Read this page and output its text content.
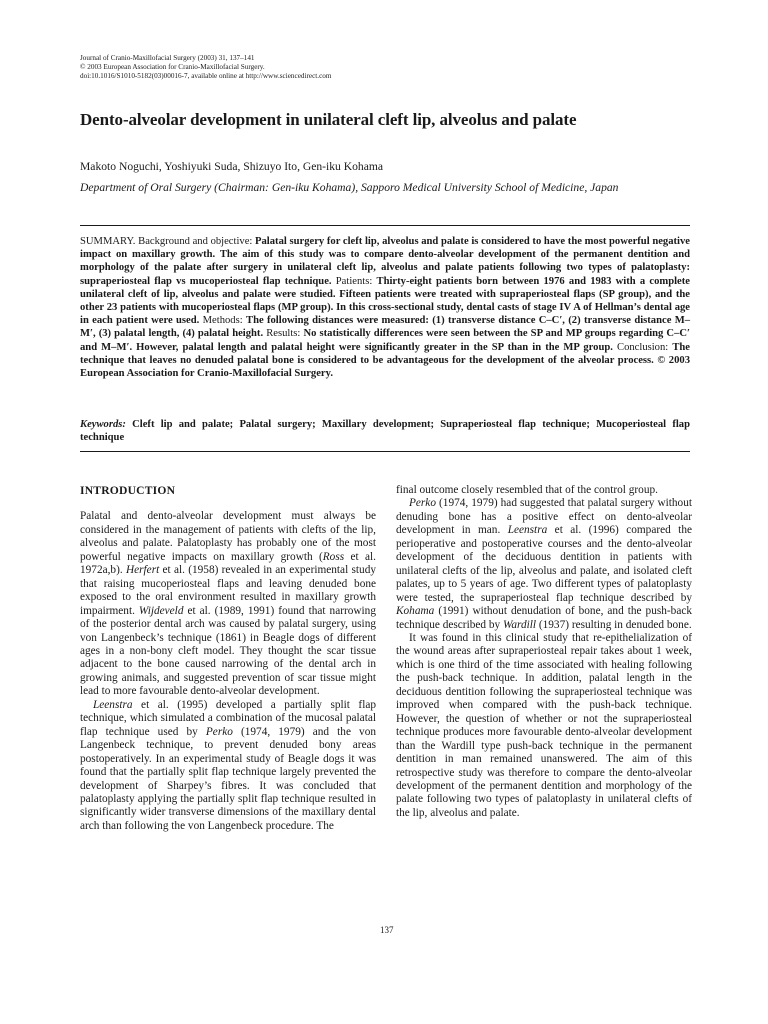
Journal of Cranio-Maxillofacial Surgery (2003) 31, 137–141
© 2003 European Association for Cranio-Maxillofacial Surgery.
doi:10.1016/S1010-5182(03)00016-7, available online at http://www.sciencedirect.com
Dento-alveolar development in unilateral cleft lip, alveolus and palate
Makoto Noguchi, Yoshiyuki Suda, Shizuyo Ito, Gen-iku Kohama
Department of Oral Surgery (Chairman: Gen-iku Kohama), Sapporo Medical University School of Medicine, Japan
SUMMARY. Background and objective: Palatal surgery for cleft lip, alveolus and palate is considered to have the most powerful negative impact on maxillary growth. The aim of this study was to compare dento-alveolar development of the permanent dentition and morphology of the palate after surgery in unilateral cleft lip, alveolus and palate patients following two types of palatoplasty: supraperiosteal flap vs mucoperiosteal flap technique. Patients: Thirty-eight patients born between 1976 and 1983 with a complete unilateral cleft of lip, alveolus and palate were studied. Fifteen patients were treated with supraperiosteal flaps (SP group), and the other 23 patients with mucoperiosteal flaps (MP group). In this cross-sectional study, dental casts of stage IV A of Hellman’s dental age in each patient were used. Methods: The following distances were measured: (1) transverse distance C–C′, (2) transverse distance M–M′, (3) palatal length, (4) palatal height. Results: No statistically differences were seen between the SP and MP groups regarding C–C′ and M–M′. However, palatal length and palatal height were significantly greater in the SP than in the MP group. Conclusion: The technique that leaves no denuded palatal bone is considered to be advantageous for the development of the alveolar process. © 2003 European Association for Cranio-Maxillofacial Surgery.
Keywords: Cleft lip and palate; Palatal surgery; Maxillary development; Supraperiosteal flap technique; Mucoperiosteal flap technique
INTRODUCTION

Palatal and dento-alveolar development must always be considered in the management of patients with clefts of the lip, alveolus and palate. Palatoplasty has probably one of the most powerful negative impacts on maxillary growth (Ross et al. 1972a,b). Herfert et al. (1958) revealed in an experimental study that raising mucoperiosteal flaps and leaving denuded bone exposed to the oral environment resulted in maxillary growth impairment. Wijdeveld et al. (1989, 1991) found that narrowing of the posterior dental arch was caused by palatal surgery, using von Langenbeck’s technique (1861) in Beagle dogs of different ages in a non-bony cleft model. They thought the scar tissue adjacent to the bone caused narrowing of the dental arch in growing animals, and suggested prevention of scar tissue might lead to more favourable dento-alveolar development.

Leenstra et al. (1995) developed a partially split flap technique, which simulated a combination of the mucosal palatal flap technique used by Perko (1974, 1979) and the von Langenbeck technique, to prevent denuded bony areas postoperatively. In an experimental study of Beagle dogs it was found that the partially split flap technique largely prevented the development of Sharpey’s fibres. It was concluded that palatoplasty applying the partially split flap technique resulted in significantly wider transverse dimensions of the maxillary dental arch than following the von Langenbeck procedure. The

final outcome closely resembled that of the control group.

Perko (1974, 1979) had suggested that palatal surgery without denuding bone has a positive effect on dento-alveolar development in man. Leenstra et al. (1996) compared the perioperative and postoperative courses and the dento-alveolar development of the deciduous dentition in patients with unilateral clefts of the lip, alveolus and palate, and isolated cleft palates, up to 5 years of age. Two different types of palatoplasty were tested, the supraperiosteal flap technique described by Kohama (1991) without denudation of bone, and the push-back technique described by Wardill (1937) resulting in denuded bone.

It was found in this clinical study that re-epithelialization of the wound areas after supraperiosteal repair takes about 1 week, which is one third of the time associated with healing following the push-back technique. In addition, palatal length in the deciduous dentition following the supraperiosteal technique was improved when compared with the push-back technique. However, the question of whether or not the supraperiosteal technique produces more favourable dento-alveolar development than the Wardill type push-back technique in the permanent dentition in man remained unanswered. The aim of this retrospective study was therefore to compare the dento-alveolar development of the permanent dentition and morphology of the palate following two types of palatoplasty in unilateral clefts of the lip, alveolus and palate.

137
